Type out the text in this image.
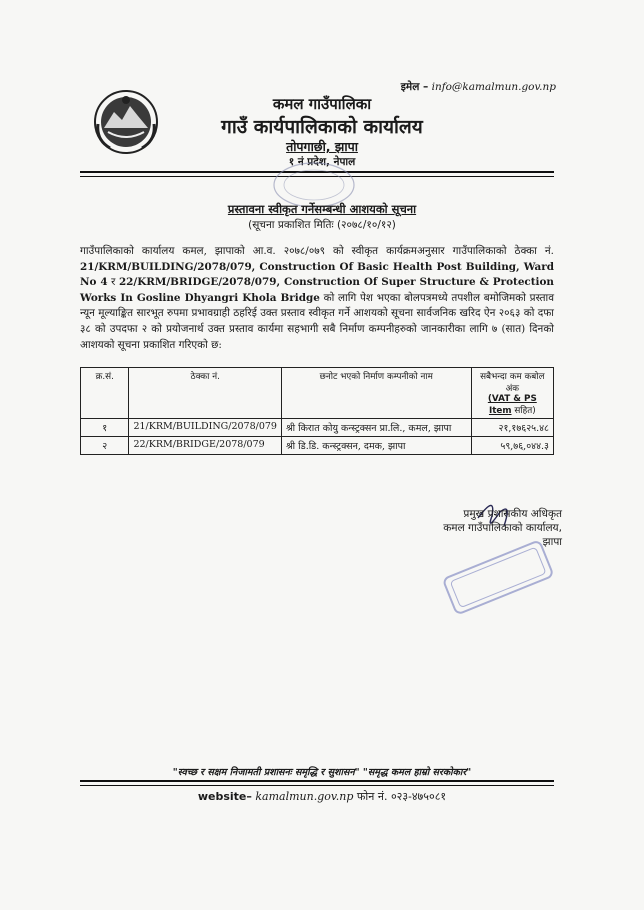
इमेल – info@kamalmun.gov.np
कमल गाउँपालिका
गाउँ कार्यपालिकाको कार्यालय
तोपगाछी, झापा
१ नं प्रदेश, नेपाल
प्रस्तावना स्वीकृत गर्नेसम्बन्धी आशयको सूचना
(सूचना प्रकाशित मितिः (२०७८/१०/१२)
गाउँपालिकाको कार्यालय कमल, झापाको आ.व. २०७८/०७९ को स्वीकृत कार्यक्रमअनुसार गाउँपालिकाको ठेक्का नं. 21/KRM/BUILDING/2078/079, Construction Of Basic Health Post Building, Ward No 4 र 22/KRM/BRIDGE/2078/079, Construction Of Super Structure & Protection Works In Gosline Dhyangri Khola Bridge को लागि पेश भएका बोलपत्रमध्ये तपशील बमोजिमको प्रस्ताव न्यून मूल्याङ्कित सारभूत रुपमा प्रभावग्राही ठहरिई उक्त प्रस्ताव स्वीकृत गर्ने आशयको सूचना सार्वजनिक खरिद ऐन २०६३ को दफा ३८ को उपदफा २ को प्रयोजनार्थ उक्त प्रस्ताव कार्यमा सहभागी सबै निर्माण कम्पनीहरुको जानकारीका लागि ७ (सात) दिनको आशयको सूचना प्रकाशित गरिएको छ:
क्र.सं.	ठेक्का नं.	छनोट भएको निर्माण कम्पनीको नाम	सबैभन्दा कम कबोल अंक
(VAT & PS Item सहित)

१	21/KRM/BUILDING/2078/079	श्री किरात कोयु कन्स्ट्रक्सन प्रा.लि., कमल, झापा	२१,१७६२५.४८
२	22/KRM/BRIDGE/2078/079	श्री डि.डि. कन्स्ट्रक्सन, दमक, झापा	५९,७६,०४४.३
प्रमुख प्रशासकीय अधिकृत
कमल गाउँपालिकाको कार्यालय,
झापा
"स्वच्छ र सक्षम निजामती प्रशासनः समृद्धि र सुशासन" "समृद्ध कमल हाम्रो सरकोकार"
website– kamalmun.gov.np फोन नं. ०२३-४७५०८१
